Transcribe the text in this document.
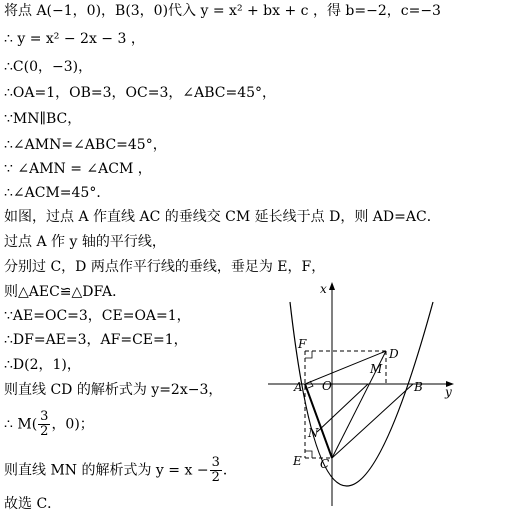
将点 A(−1，0)，B(3，0)代入 y = x² + bx + c ，得 b=−2，c=−3
∴ y = x² − 2x − 3 ，
∴C(0，−3)，
∴OA=1，OB=3，OC=3，∠ABC=45°，
∵MN∥BC，
∴∠AMN=∠ABC=45°，
∵ ∠AMN = ∠ACM ，
∴∠ACM=45°．
如图，过点 A 作直线 AC 的垂线交 CM 延长线于点 D，则 AD=AC．
过点 A 作 y 轴的平行线，
分别过 C，D 两点作平行线的垂线，垂足为 E，F，
则△AEC≌△DFA．
∵AE=OC=3，CE=OA=1，
∴DF=AE=3，AF=CE=1，
∴D(2，1)，
则直线 CD 的解析式为 y=2x−3，
∴ $M( \frac{3}{2}$ ，0)；
则直线 MN 的解析式为 $y = x - \frac{3}{2}$ ．
故选 C．
x
y
F
D
A O
M
B
N
E C
